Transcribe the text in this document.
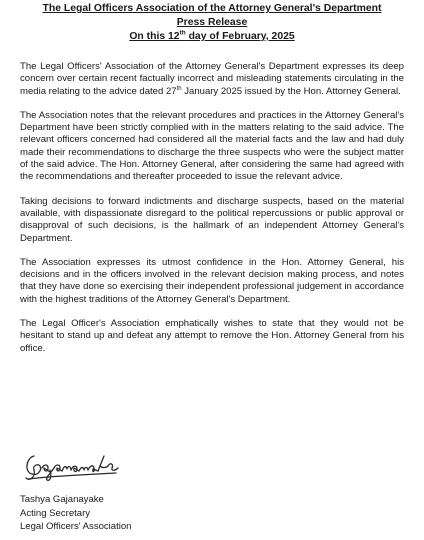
The Legal Officers Association of the Attorney General's Department
Press Release
On this 12th day of February, 2025

The Legal Officers' Association of the Attorney General's Department expresses its deep concern over certain recent factually incorrect and misleading statements circulating in the media relating to the advice dated 27th January 2025 issued by the Hon. Attorney General.

The Association notes that the relevant procedures and practices in the Attorney General's Department have been strictly complied with in the matters relating to the said advice. The relevant officers concerned had considered all the material facts and the law and had duly made their recommendations to discharge the three suspects who were the subject matter of the said advice. The Hon. Attorney General, after considering the same had agreed with the recommendations and thereafter proceeded to issue the relevant advice.

Taking decisions to forward indictments and discharge suspects, based on the material available, with dispassionate disregard to the political repercussions or public approval or disapproval of such decisions, is the hallmark of an independent Attorney General's Department.

The Association expresses its utmost confidence in the Hon. Attorney General, his decisions and in the officers involved in the relevant decision making process, and notes that they have done so exercising their independent professional judgement in accordance with the highest traditions of the Attorney General's Department.

The Legal Officer's Association emphatically wishes to state that they would not be hesitant to stand up and defeat any attempt to remove the Hon. Attorney General from his office.

Tashya Gajanayake
Acting Secretary
Legal Officers' Association
